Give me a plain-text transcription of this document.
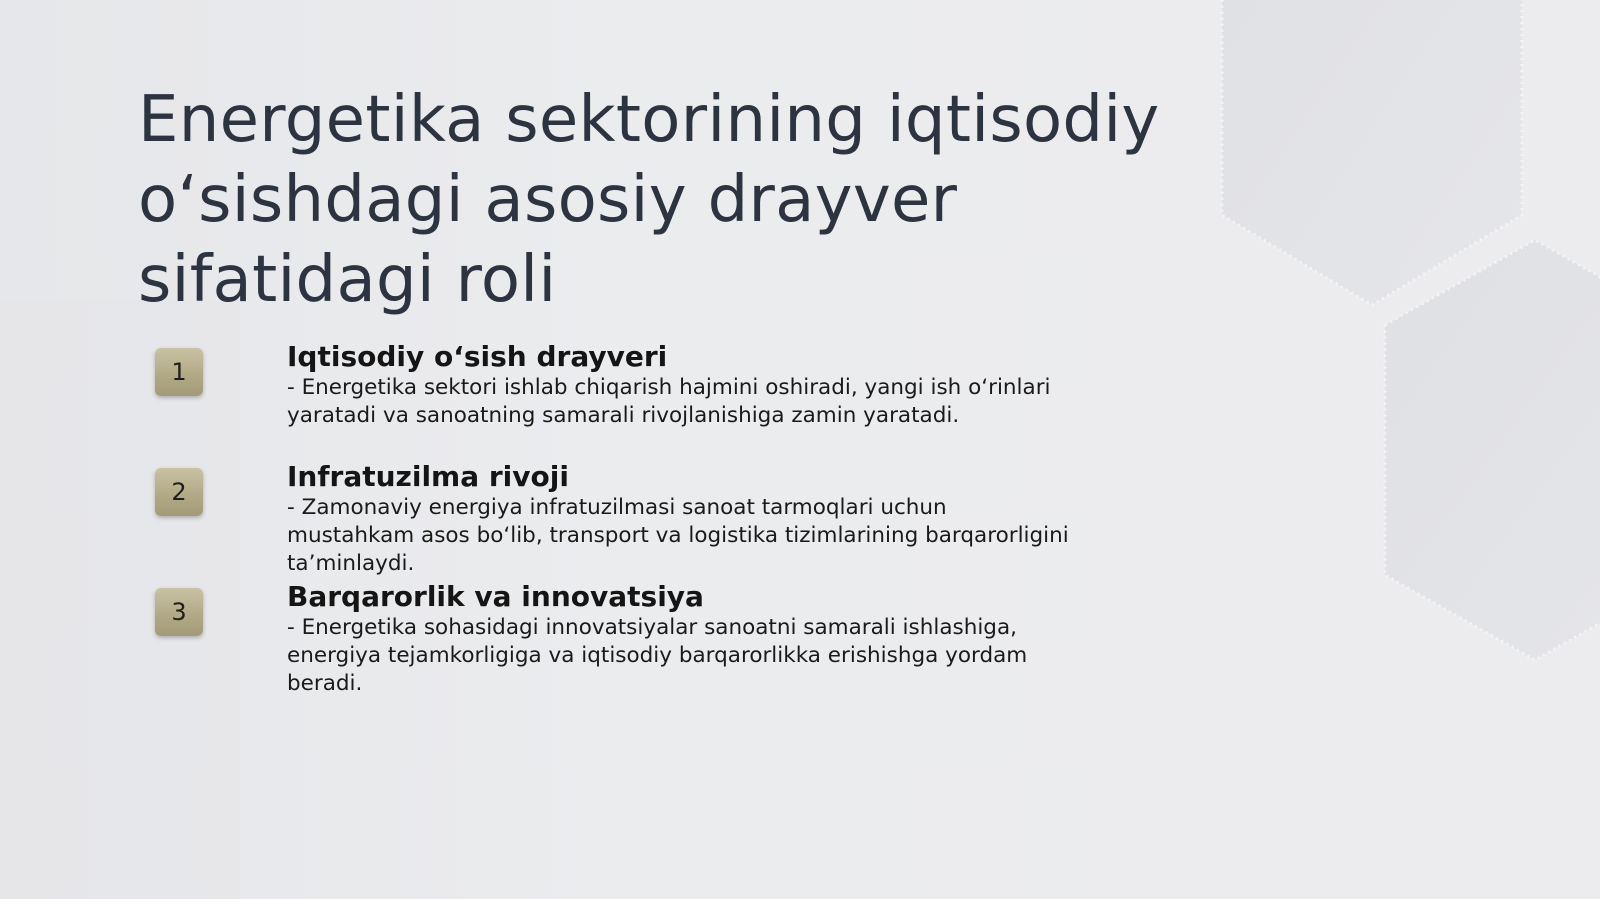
Energetika sektorining iqtisodiy o‘sishdagi asosiy drayver sifatidagi roli
1	Iqtisodiy o‘sish drayveri

- Energetika sektori ishlab chiqarish hajmini oshiradi, yangi ish o‘rinlari
yaratadi va sanoatning samarali rivojlanishiga zamin yaratadi.

2	Infratuzilma rivoji

- Zamonaviy energiya infratuzilmasi sanoat tarmoqlari uchun
mustahkam asos bo‘lib, transport va logistika tizimlarining barqarorligini
ta’minlaydi.

3	Barqarorlik va innovatsiya

- Energetika sohasidagi innovatsiyalar sanoatni samarali ishlashiga,
energiya tejamkorligiga va iqtisodiy barqarorlikka erishishga yordam
beradi.
